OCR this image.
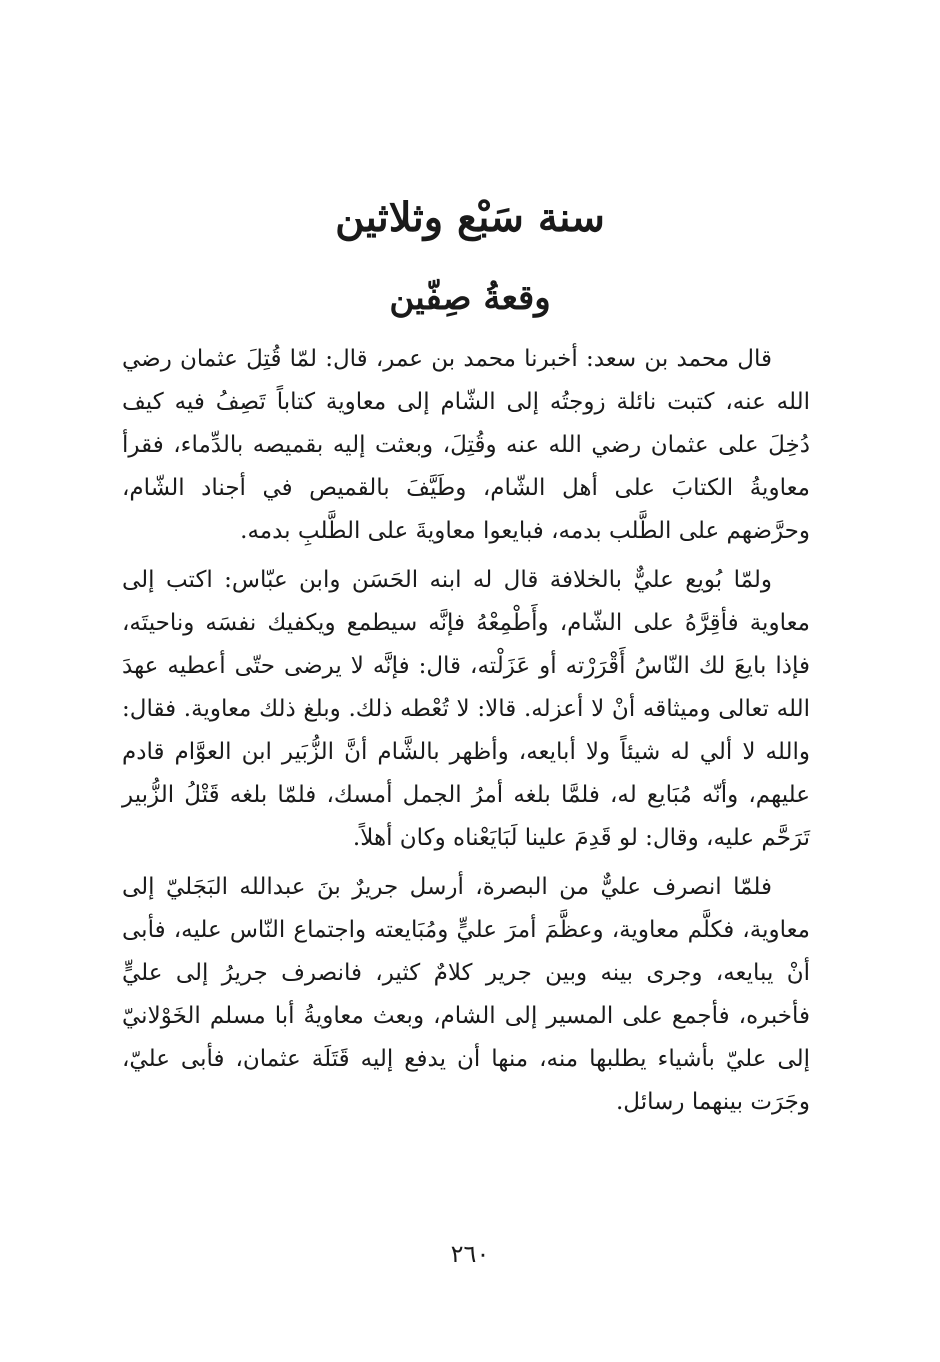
سنة سَبْع وثلاثين
وقعةُ صِفّين

قال محمد بن سعد: أخبرنا محمد بن عمر، قال: لمّا قُتِلَ عثمان رضي الله عنه، كتبت نائلة زوجتُه إلى الشّام إلى معاوية كتاباً تَصِفُ فيه كيف دُخِلَ على عثمان رضي الله عنه وقُتِلَ، وبعثت إليه بقميصه بالدِّماء، فقرأ معاويةُ الكتابَ على أهل الشّام، وطَيَّفَ بالقميص في أجناد الشّام، وحرَّضهم على الطَّلب بدمه، فبايعوا معاويةَ على الطَّلبِ بدمه.

ولمّا بُويع عليٌّ بالخلافة قال له ابنه الحَسَن وابن عبّاس: اكتب إلى معاوية فأقِرَّهُ على الشّام، وأَطْمِعْهُ فإنَّه سيطمع ويكفيك نفسَه وناحيتَه، فإذا بايعَ لك النّاسُ أَقْرَرْته أو عَزَلْته، قال: فإنَّه لا يرضى حتّى أعطيه عهدَ الله تعالى وميثاقه أنْ لا أعزله. قالا: لا تُعْطه ذلك. وبلغ ذلك معاوية. فقال: والله لا ألي له شيئاً ولا أبايعه، وأظهر بالشَّام أنَّ الزُّبَير ابن العوَّام قادم عليهم، وأنّه مُبَايع له، فلمَّا بلغه أمرُ الجمل أمسك، فلمّا بلغه قَتْلُ الزُّبير تَرَحَّم عليه، وقال: لو قَدِمَ علينا لَبَايَعْناه وكان أهلاً.

فلمّا انصرف عليٌّ من البصرة، أرسل جريرٌ بنَ عبدالله البَجَليّ إلى معاوية، فكلَّم معاوية، وعظَّمَ أمرَ عليٍّ ومُبَايعته واجتماع النّاس عليه، فأبى أنْ يبايعه، وجرى بينه وبين جرير كلامٌ كثير، فانصرف جريرُ إلى عليٍّ فأخبره، فأجمع على المسير إلى الشام، وبعث معاويةُ أبا مسلم الخَوْلانيّ إلى عليّ بأشياء يطلبها منه، منها أن يدفع إليه قَتَلَة عثمان، فأبى عليّ، وجَرَت بينهما رسائل.

٢٦٠
